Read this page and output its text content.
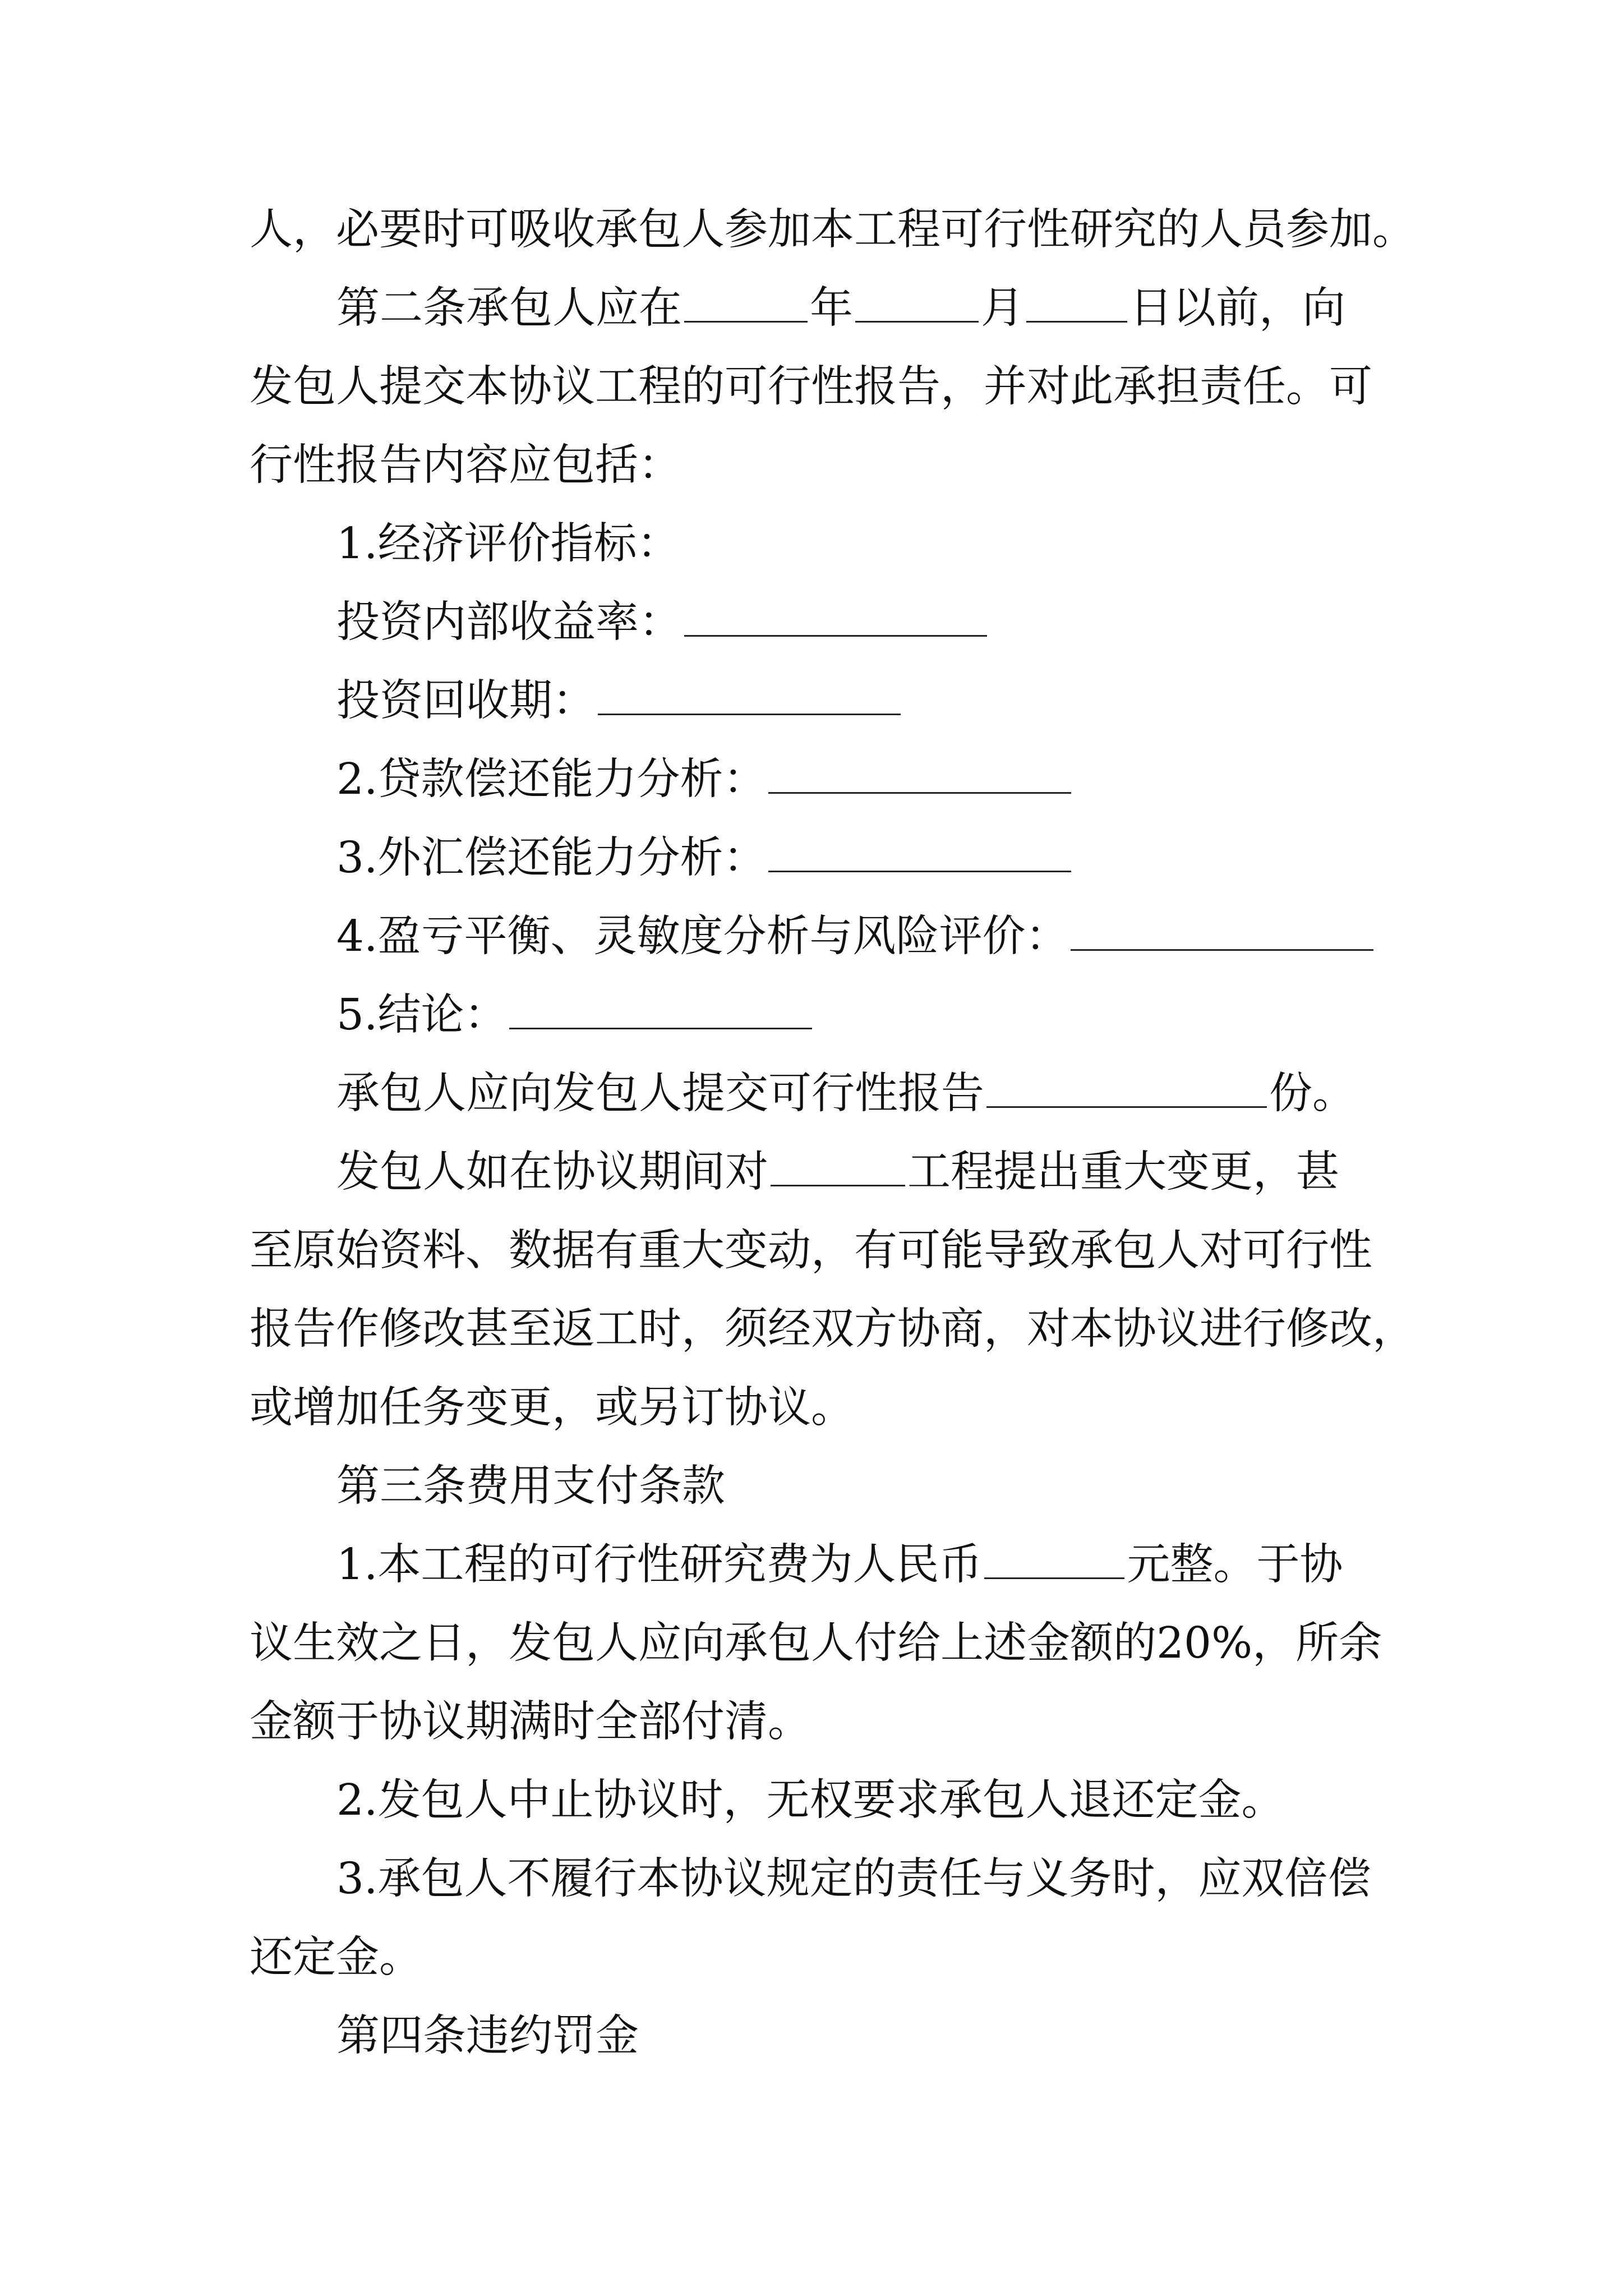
人，必要时可吸收承包人参加本工程可行性研究的人员参加。
第二条承包人应在	年	月 日以前，向
发包人提交本协议工程的可行性报告，并对此承担责任。可
行性报告内容应包括：
1.经济评价指标：
投资内部收益率：
投资回收期：
2.贷款偿还能力分析：
3.外汇偿还能力分析：
4.盈亏平衡、灵敏度分析与风险评价：
5.结论：
承包人应向发包人提交可行性报告	份。
发包人如在协议期间对	工程提出重大变更，甚
至原始资料、数据有重大变动，有可能导致承包人对可行性
报告作修改甚至返工时，须经双方协商，对本协议进行修改，
或增加任务变更，或另订协议。
第三条费用支付条款
1.本工程的可行性研究费为人民币	元整。于协
议生效之日，发包人应向承包人付给上述金额的20%，所余
金额于协议期满时全部付清。
2.发包人中止协议时，无权要求承包人退还定金。
3.承包人不履行本协议规定的责任与义务时，应双倍偿
还定金。
第四条违约罚金
